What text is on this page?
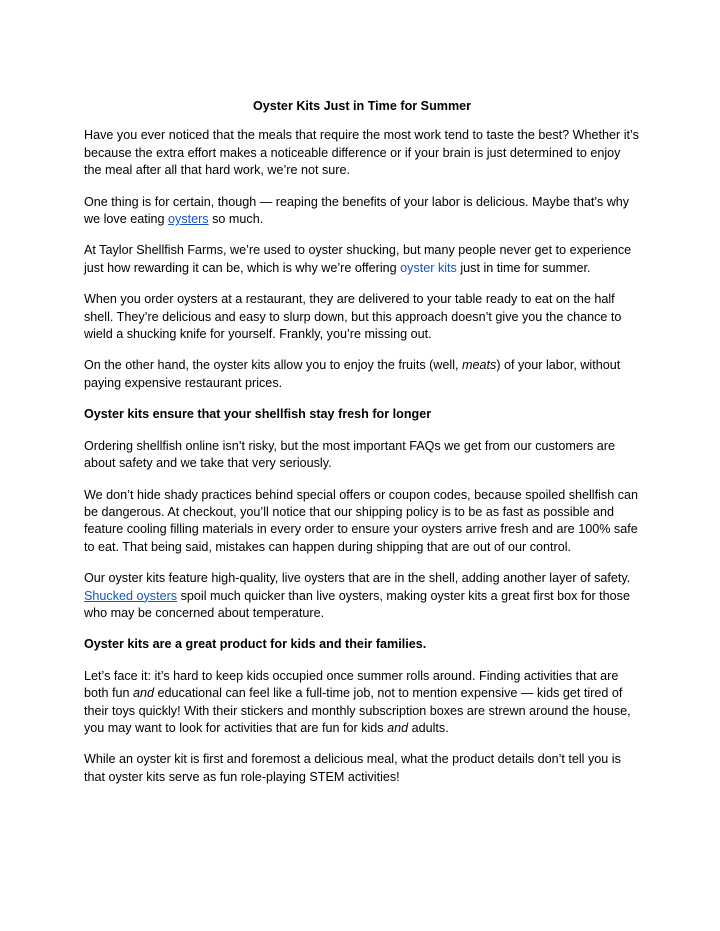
Oyster Kits Just in Time for Summer

Have you ever noticed that the meals that require the most work tend to taste the best? Whether it’s because the extra effort makes a noticeable difference or if your brain is just determined to enjoy the meal after all that hard work, we’re not sure.

One thing is for certain, though — reaping the benefits of your labor is delicious. Maybe that’s why we love eating oysters so much.

At Taylor Shellfish Farms, we’re used to oyster shucking, but many people never get to experience just how rewarding it can be, which is why we’re offering oyster kits just in time for summer.

When you order oysters at a restaurant, they are delivered to your table ready to eat on the half shell. They’re delicious and easy to slurp down, but this approach doesn’t give you the chance to wield a shucking knife for yourself. Frankly, you’re missing out.

On the other hand, the oyster kits allow you to enjoy the fruits (well, meats) of your labor, without paying expensive restaurant prices.

Oyster kits ensure that your shellfish stay fresh for longer

Ordering shellfish online isn’t risky, but the most important FAQs we get from our customers are about safety and we take that very seriously.

We don’t hide shady practices behind special offers or coupon codes, because spoiled shellfish can be dangerous. At checkout, you’ll notice that our shipping policy is to be as fast as possible and feature cooling filling materials in every order to ensure your oysters arrive fresh and are 100% safe to eat. That being said, mistakes can happen during shipping that are out of our control.

Our oyster kits feature high-quality, live oysters that are in the shell, adding another layer of safety. Shucked oysters spoil much quicker than live oysters, making oyster kits a great first box for those who may be concerned about temperature.

Oyster kits are a great product for kids and their families.

Let’s face it: it’s hard to keep kids occupied once summer rolls around. Finding activities that are both fun and educational can feel like a full-time job, not to mention expensive — kids get tired of their toys quickly! With their stickers and monthly subscription boxes are strewn around the house, you may want to look for activities that are fun for kids and adults.

While an oyster kit is first and foremost a delicious meal, what the product details don’t tell you is that oyster kits serve as fun role-playing STEM activities!
